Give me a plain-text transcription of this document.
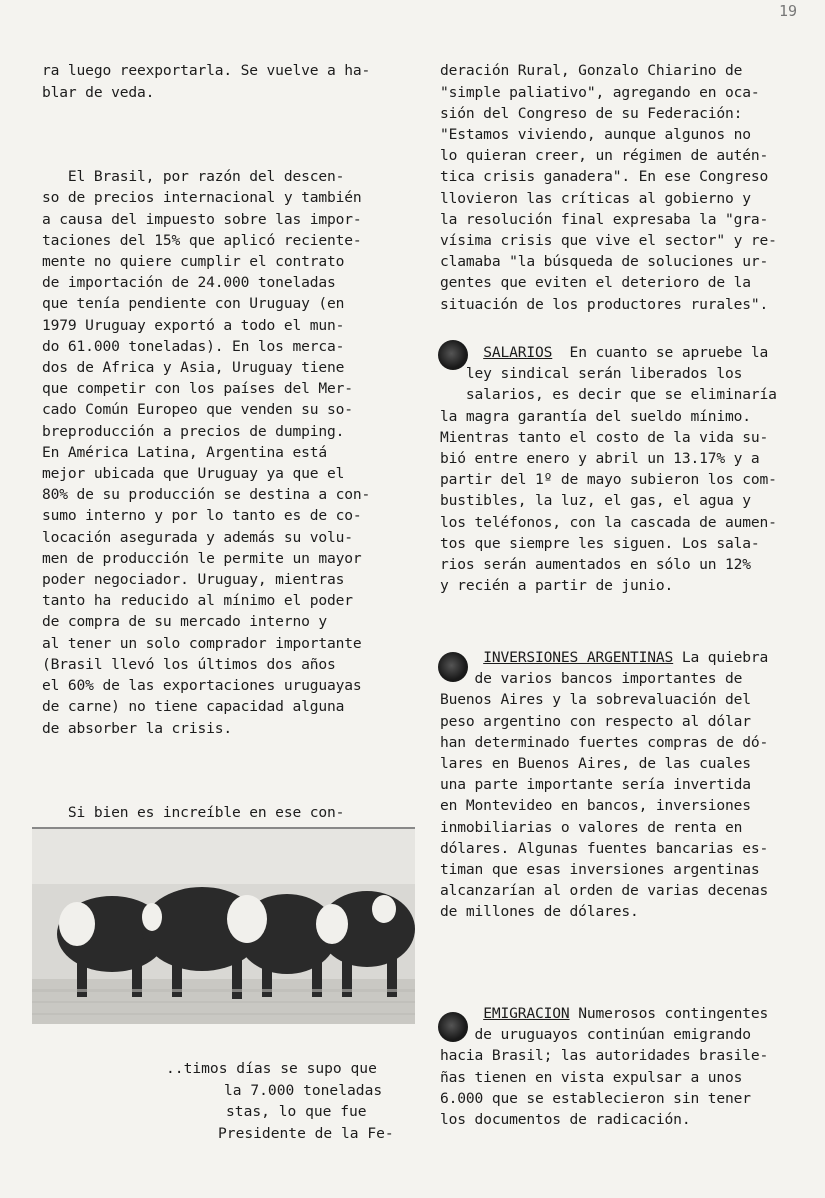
19

ra luego reexportarla. Se vuelve a ha-
blar de veda.

El Brasil, por razón del descen-
so de precios internacional y también
a causa del impuesto sobre las impor-
taciones del 15% que aplicó reciente-
mente no quiere cumplir el contrato
de importación de 24.000 toneladas
que tenía pendiente con Uruguay (en
1979 Uruguay exportó a todo el mun-
do 61.000 toneladas). En los merca-
dos de Africa y Asia, Uruguay tiene
que competir con los países del Mer-
cado Común Europeo que venden su so-
breproducción a precios de dumping.
En América Latina, Argentina está
mejor ubicada que Uruguay ya que el
80% de su producción se destina a con-
sumo interno y por lo tanto es de co-
locación asegurada y además su volu-
men de producción le permite un mayor
poder negociador. Uruguay, mientras
tanto ha reducido al mínimo el poder
de compra de su mercado interno y
al tener un solo comprador importante
(Brasil llevó los últimos dos años
el 60% de las exportaciones uruguayas
de carne) no tiene capacidad alguna
de absorber la crisis.

Si bien es increíble en ese con-

..timos días se supo que

la 7.000 toneladas
stas, lo que fue
Presidente de la Fe-

deración Rural, Gonzalo Chiarino de
"simple paliativo", agregando en oca-
sión del Congreso de su Federación:
"Estamos viviendo, aunque algunos no
lo quieran creer, un régimen de autén-
tica crisis ganadera". En ese Congreso
llovieron las críticas al gobierno y
la resolución final expresaba la "gra-
vísima crisis que vive el sector" y re-
clamaba "la búsqueda de soluciones ur-
gentes que eviten el deterioro de la
situación de los productores rurales".

SALARIOS  En cuanto se apruebe la
ley sindical serán liberados los
salarios, es decir que se eliminaría
la magra garantía del sueldo mínimo.
Mientras tanto el costo de la vida su-
bió entre enero y abril un 13.17% y a
partir del 1º de mayo subieron los com-
bustibles, la luz, el gas, el agua y
los teléfonos, con la cascada de aumen-
tos que siempre les siguen. Los sala-
rios serán aumentados en sólo un 12%
y recién a partir de junio.

INVERSIONES ARGENTINAS La quiebra
de varios bancos importantes de
Buenos Aires y la sobrevaluación del
peso argentino con respecto al dólar
han determinado fuertes compras de dó-
lares en Buenos Aires, de las cuales
una parte importante sería invertida
en Montevideo en bancos, inversiones
inmobiliarias o valores de renta en
dólares. Algunas fuentes bancarias es-
timan que esas inversiones argentinas
alcanzarían al orden de varias decenas
de millones de dólares.

EMIGRACION Numerosos contingentes
de uruguayos continúan emigrando
hacia Brasil; las autoridades brasile-
ñas tienen en vista expulsar a unos
6.000 que se establecieron sin tener
los documentos de radicación.
